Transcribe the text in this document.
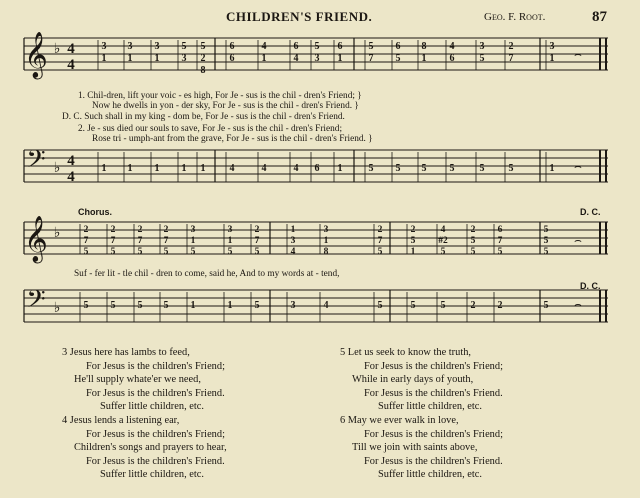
CHILDREN'S FRIEND.	Geo. F. Root.	87
𝄞
𝄢
𝄞
𝄢
♭
♭
♭
♭
4
4
4
4
3
1
3
1
3
1
5
3
5
2
8
6
6
4
1
6
4
5
3
6
1
5
7
6
5
8
1
4
6
3
5
2
7
3
1
1 1 1 1 1 4	4	4 6 1	5 5 5 5	5 5	1
⌢
⌢
2
7
5
2
7
5
2
7
5
2
7
5
3
1
5
3
1
5
2
7
5
1
3
4
3
1
8
2
7
5
2
5
1
4
#2
5
2
5
5
6
7
5
5
5
5
5 5 5 5 1	1 5	3	4	5	5	5	2 2	5
⌢
⌢
1. Chil-dren, lift your voic - es high, For Je - sus is the chil - dren's Friend; }
Now he dwells in yon - der sky, For Je - sus is the chil - dren's Friend. }
D. C. Such shall in my king - dom be, For Je - sus is the chil - dren's Friend.
2. Je - sus died our souls to save, For Je - sus is the chil - dren's Friend;
Rose tri - umph-ant from the grave, For Je - sus is the chil - dren's Friend. }
Chorus.	D. C.
D. C.
Suf - fer lit - tle chil - dren to come, said he, And to my words at - tend,
3 Jesus here has lambs to feed,
For Jesus is the children's Friend;
He'll supply whate'er we need,
For Jesus is the children's Friend.
Suffer little children, etc.
4 Jesus lends a listening ear,
For Jesus is the children's Friend;
Children's songs and prayers to hear,
For Jesus is the children's Friend.
Suffer little children, etc.
5 Let us seek to know the truth,
For Jesus is the children's Friend;
While in early days of youth,
For Jesus is the children's Friend.
Suffer little children, etc.
6 May we ever walk in love,
For Jesus is the children's Friend;
Till we join with saints above,
For Jesus is the children's Friend.
Suffer little children, etc.
